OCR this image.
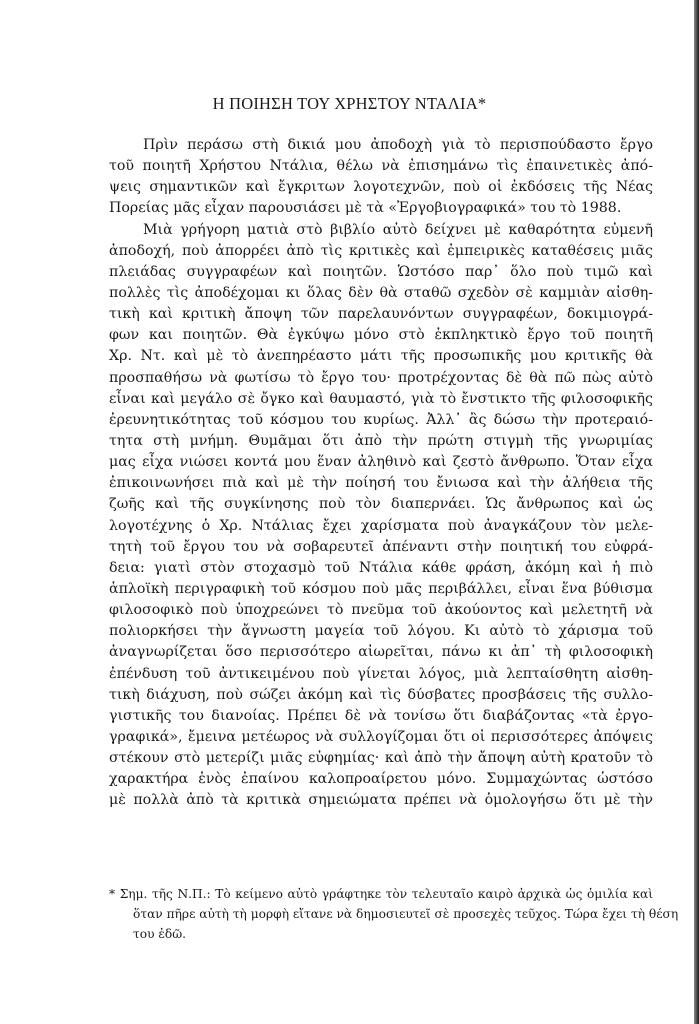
Η ΠΟΙΗΣΗ ΤΟΥ ΧΡΗΣΤΟΥ ΝΤΑΛΙΑ*
Πρὶν περάσω στὴ δικιά μου ἀποδοχὴ γιὰ τὸ περισπούδαστο ἔργο
τοῦ ποιητῆ Χρήστου Ντάλια, θέλω νὰ ἐπισημάνω τὶς ἐπαινετικὲς ἀπό-
ψεις σημαντικῶν καὶ ἔγκριτων λογοτεχνῶν, ποὺ οἱ ἐκδόσεις τῆς Νέας
Πορείας μᾶς εἶχαν παρουσιάσει μὲ τὰ «Ἐργοβιογραφικά» του τὸ 1988.
Μιὰ γρήγορη ματιὰ στὸ βιβλίο αὐτὸ δείχνει μὲ καθαρότητα εὐμενῆ
ἀποδοχή, ποὺ ἀπορρέει ἀπὸ τὶς κριτικὲς καὶ ἐμπειρικὲς καταθέσεις μιᾶς
πλειάδας συγγραφέων καὶ ποιητῶν. Ὡστόσο παρ᾽ ὅλο ποὺ τιμῶ καὶ
πολλὲς τὶς ἀποδέχομαι κι ὅλας δὲν θὰ σταθῶ σχεδὸν σὲ καμμιὰν αἰσθη-
τικὴ καὶ κριτικὴ ἄποψη τῶν παρελαυνόντων συγγραφέων, δοκιμιογρά-
φων και ποιητῶν. Θὰ ἐγκύψω μόνο στὸ ἐκπληκτικὸ ἔργο τοῦ ποιητῆ
Χρ. Ντ. καὶ μὲ τὸ ἀνεπηρέαστο μάτι τῆς προσωπικῆς μου κριτικῆς θὰ
προσπαθήσω νὰ φωτίσω τὸ ἔργο του· προτρέχοντας δὲ θὰ πῶ πὼς αὐτὸ
εἶναι καὶ μεγάλο σὲ ὄγκο καὶ θαυμαστό, γιὰ τὸ ἔνστικτο τῆς φιλοσοφικῆς
ἐρευνητικότητας τοῦ κόσμου του κυρίως. Ἀλλ᾽ ἂς δώσω τὴν προτεραιό-
τητα στὴ μνήμη. Θυμᾶμαι ὅτι ἀπὸ τὴν πρώτη στιγμὴ τῆς γνωριμίας
μας εἶχα νιώσει κοντά μου ἕναν ἀληθινὸ καὶ ζεστὸ ἄνθρωπο. Ὅταν εἶχα
ἐπικοινωνήσει πιὰ καὶ μὲ τὴν ποίησή του ἔνιωσα καὶ τὴν ἀλήθεια τῆς
ζωῆς καὶ τῆς συγκίνησης ποὺ τὸν διαπερνάει. Ὡς ἄνθρωπος καὶ ὡς
λογοτέχνης ὁ Χρ. Ντάλιας ἔχει χαρίσματα ποὺ ἀναγκάζουν τὸν μελε-
τητὴ τοῦ ἔργου του νὰ σοβαρευτεῖ ἀπέναντι στὴν ποιητική του εὐφρά-
δεια: γιατὶ στὸν στοχασμὸ τοῦ Ντάλια κάθε φράση, ἀκόμη καὶ ἡ πιὸ
ἁπλοϊκὴ περιγραφικὴ τοῦ κόσμου ποὺ μᾶς περιβάλλει, εἶναι ἕνα βύθισμα
φιλοσοφικὸ ποὺ ὑποχρεώνει τὸ πνεῦμα τοῦ ἀκούοντος καὶ μελετητῆ νὰ
πολιορκήσει τὴν ἄγνωστη μαγεία τοῦ λόγου. Κι αὐτὸ τὸ χάρισμα τοῦ
ἀναγνωρίζεται ὅσο περισσότερο αἰωρεῖται, πάνω κι ἀπ᾽ τὴ φιλοσοφικὴ
ἐπένδυση τοῦ ἀντικειμένου ποὺ γίνεται λόγος, μιὰ λεπταίσθητη αἰσθη-
τικὴ διάχυση, ποὺ σώζει ἀκόμη καὶ τὶς δύσβατες προσβάσεις τῆς συλλο-
γιστικῆς του διανοίας. Πρέπει δὲ νὰ τονίσω ὅτι διαβάζοντας «τὰ ἐργο-
γραφικά», ἔμεινα μετέωρος νὰ συλλογίζομαι ὅτι οἱ περισσότερες ἀπόψεις
στέκουν στὸ μετερίζι μιᾶς εὐφημίας· καὶ ἀπὸ τὴν ἄποψη αὐτὴ κρατοῦν τὸ
χαρακτήρα ἑνὸς ἐπαίνου καλοπροαίρετου μόνο. Συμμαχώντας ὡστόσο
μὲ πολλὰ ἀπὸ τὰ κριτικὰ σημειώματα πρέπει νὰ ὁμολογήσω ὅτι μὲ τὴν
* Σημ. τῆς Ν.Π.: Τὸ κείμενο αὐτὸ γράφτηκε τὸν τελευταῖο καιρὸ ἀρχικὰ ὡς ὁμιλία καὶ
ὅταν πῆρε αὐτὴ τὴ μορφὴ εἴτανε νὰ δημοσιευτεῖ σὲ προσεχὲς τεῦχος. Τώρα ἔχει τὴ θέση
του ἐδῶ.
